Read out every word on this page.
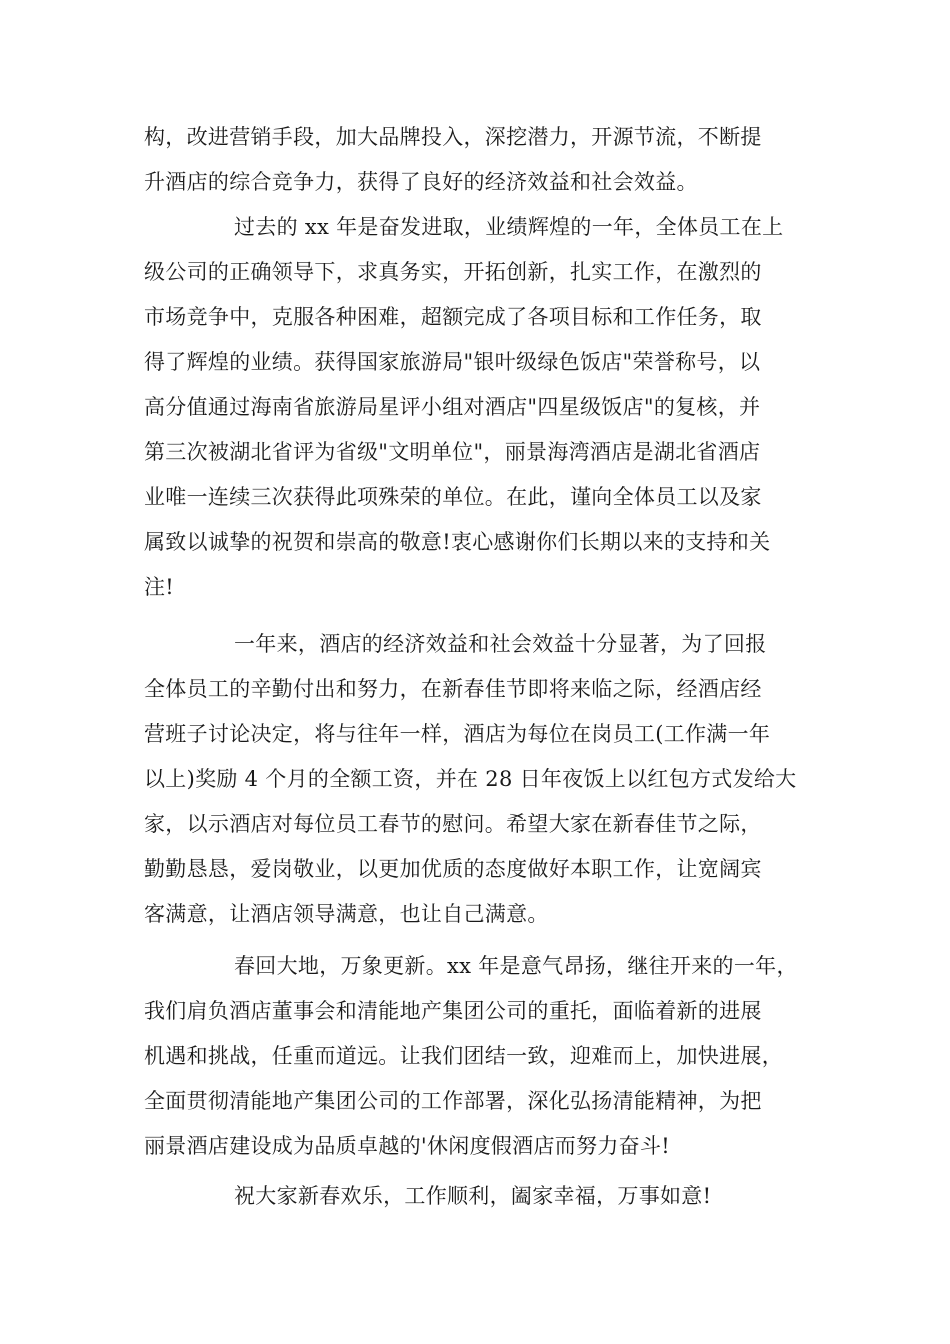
构，改进营销手段，加大品牌投入，深挖潜力，开源节流，不断提

升酒店的综合竞争力，获得了良好的经济效益和社会效益。

过去的 xx 年是奋发进取，业绩辉煌的一年，全体员工在上

级公司的正确领导下，求真务实，开拓创新，扎实工作，在激烈的

市场竞争中，克服各种困难，超额完成了各项目标和工作任务，取

得了辉煌的业绩。获得国家旅游局"银叶级绿色饭店"荣誉称号，以

高分值通过海南省旅游局星评小组对酒店"四星级饭店"的复核，并

第三次被湖北省评为省级"文明单位"，丽景海湾酒店是湖北省酒店

业唯一连续三次获得此项殊荣的单位。在此，谨向全体员工以及家

属致以诚挚的祝贺和崇高的敬意!衷心感谢你们长期以来的支持和关

注!

一年来，酒店的经济效益和社会效益十分显著，为了回报

全体员工的辛勤付出和努力，在新春佳节即将来临之际，经酒店经

营班子讨论决定，将与往年一样，酒店为每位在岗员工(工作满一年

以上)奖励 4 个月的全额工资，并在 28 日年夜饭上以红包方式发给大

家，以示酒店对每位员工春节的慰问。希望大家在新春佳节之际，

勤勤恳恳，爱岗敬业，以更加优质的态度做好本职工作，让宽阔宾

客满意，让酒店领导满意，也让自己满意。

春回大地，万象更新。xx 年是意气昂扬，继往开来的一年，

我们肩负酒店董事会和清能地产集团公司的重托，面临着新的进展

机遇和挑战，任重而道远。让我们团结一致，迎难而上，加快进展，

全面贯彻清能地产集团公司的工作部署，深化弘扬清能精神，为把

丽景酒店建设成为品质卓越的'休闲度假酒店而努力奋斗!

祝大家新春欢乐，工作顺利，阖家幸福，万事如意!
